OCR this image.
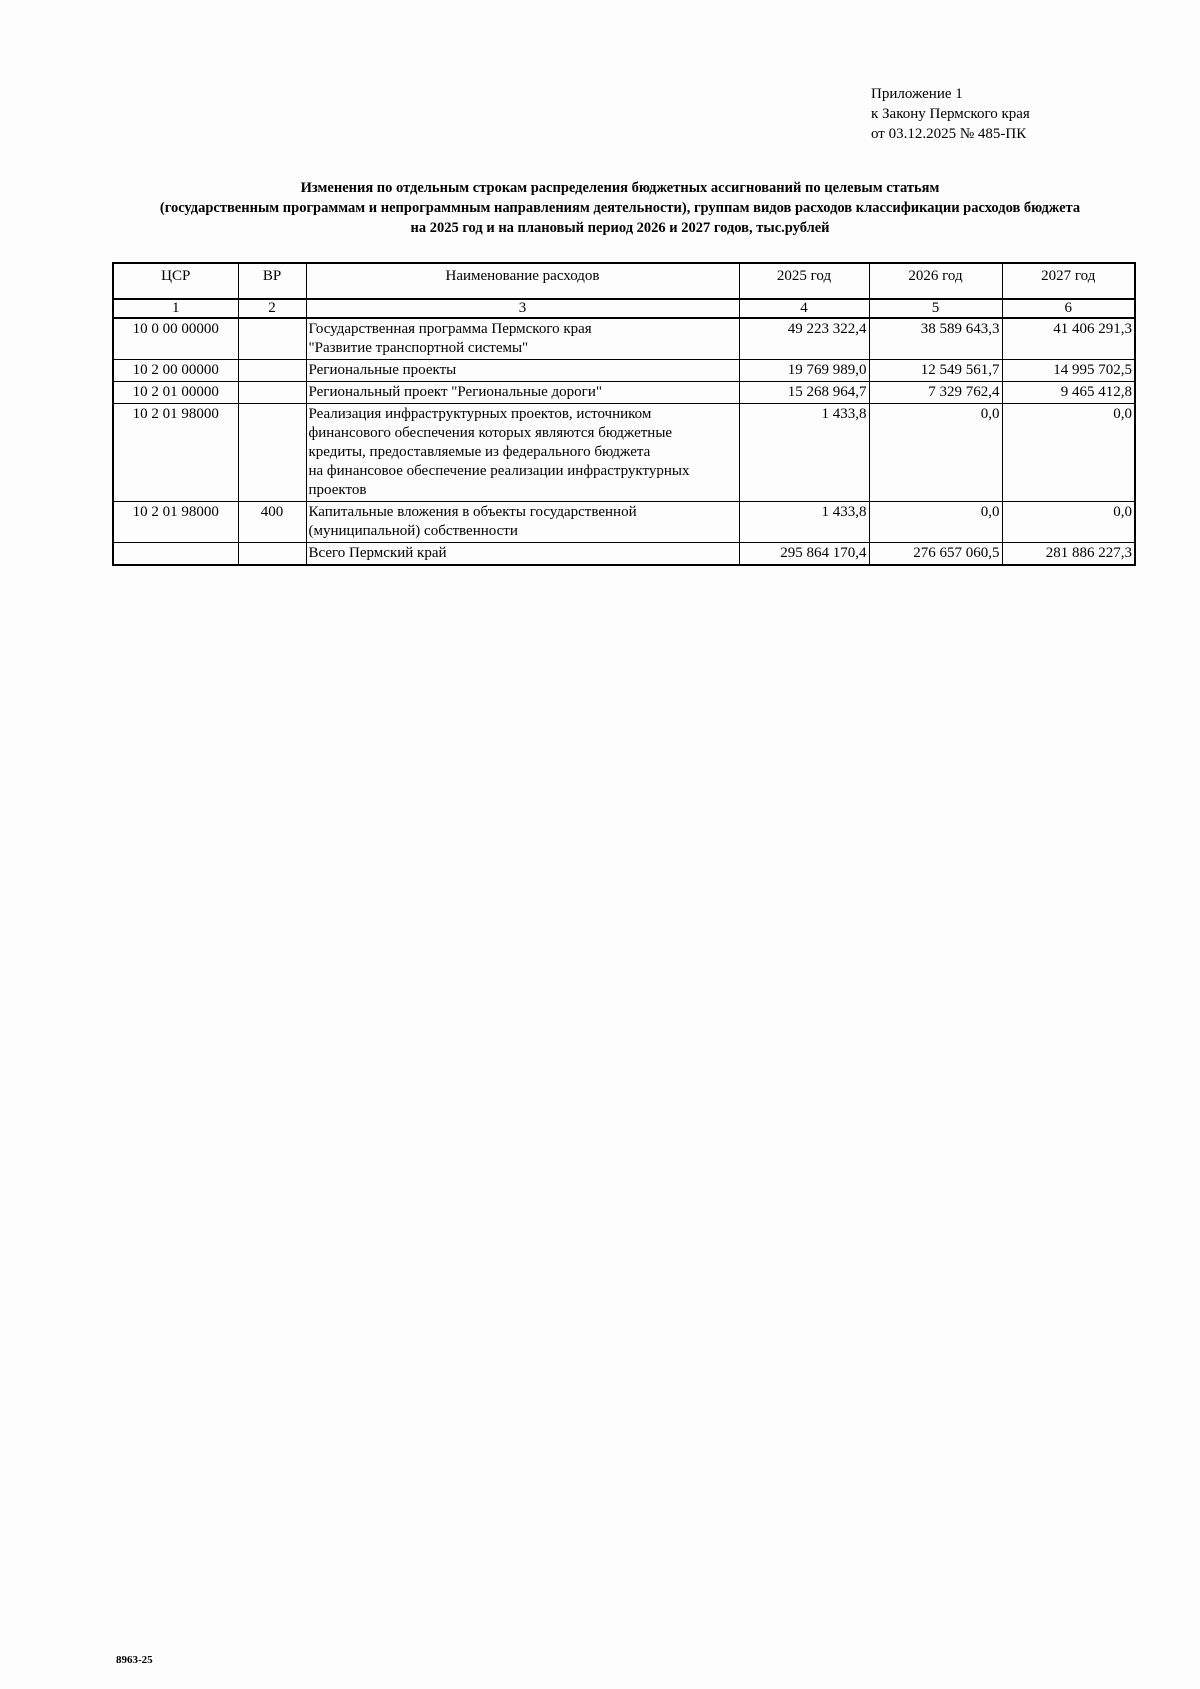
Приложение 1
к Закону Пермского края
от 03.12.2025 № 485-ПК
Изменения по отдельным строкам распределения бюджетных ассигнований по целевым статьям
(государственным программам и непрограммным направлениям деятельности), группам видов расходов классификации расходов бюджета
на 2025 год и на плановый период 2026 и 2027 годов, тыс.рублей
ЦСР	ВР	Наименование расходов	2025 год	2026 год	2027 год
1	2	3	4	5	6
10 0 00 00000		Государственная программа Пермского края
"Развитие транспортной системы"	49 223 322,4	38 589 643,3	41 406 291,3
10 2 00 00000		Региональные проекты	19 769 989,0	12 549 561,7	14 995 702,5
10 2 01 00000		Региональный проект "Региональные дороги"	15 268 964,7	7 329 762,4	9 465 412,8
10 2 01 98000		Реализация инфраструктурных проектов, источником
финансового обеспечения которых являются бюджетные
кредиты, предоставляемые из федерального бюджета
на финансовое обеспечение реализации инфраструктурных
проектов	1 433,8	0,0	0,0
10 2 01 98000	400	Капитальные вложения в объекты государственной
(муниципальной) собственности	1 433,8	0,0	0,0

		Всего Пермский край	295 864 170,4	276 657 060,5	281 886 227,3
8963-25
